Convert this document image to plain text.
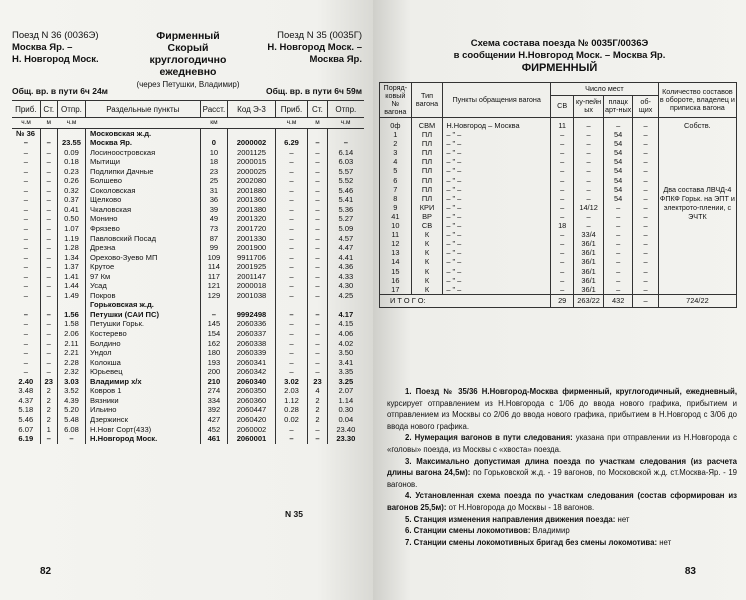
Поезд N 36 (0036Э)
Москва Яр. –
Н. Новгород Моск.
Фирменный
Скорый
круглогодично
ежедневно
(через Петушки, Владимир)
Поезд N 35 (0035Г)
Н. Новгород Моск. –
Москва Яр.
Общ. вр. в пути 6ч 24м	Общ. вр. в пути 6ч 59м
Приб.	Ст.	Отпр.	Раздельные пункты	Расст.	Код Э-3	Приб.	Ст.	Отпр.
ч.м	м	ч.м		км		ч.м	м	ч.м
№ 36			Московская ж.д.					
–	–	23.55	Москва Яр.	0	2000002	6.29	–	–
–	–	0.09	Лосиноостровская	10	2001125	–	–	6.14
–	–	0.18	Мытищи	18	2000015	–	–	6.03
–	–	0.23	Подлипки Дачные	23	2000025	–	–	5.57
–	–	0.26	Болшево	25	2002080	–	–	5.52
–	–	0.32	Соколовская	31	2001880	–	–	5.46
–	–	0.37	Щелково	36	2001360	–	–	5.41
–	–	0.41	Чкаловская	39	2001380	–	–	5.36
–	–	0.50	Монино	49	2001320	–	–	5.27
–	–	1.07	Фрязево	73	2001720	–	–	5.09
–	–	1.19	Павловский Посад	87	2001330	–	–	4.57
–	–	1.28	Дрезна	99	2001900	–	–	4.47
–	–	1.34	Орехово-Зуево МП	109	9911706	–	–	4.41
–	–	1.37	Крутое	114	2001925	–	–	4.36
–	–	1.41	97 Км	117	2001147	–	–	4.33
–	–	1.44	Усад	121	2000018	–	–	4.30
–	–	1.49	Покров	129	2001038	–	–	4.25
			Горьковская ж.д.					
–	–	1.56	Петушки (САИ ПС)	–	9992498	–	–	4.17
–	–	1.58	Петушки Горьк.	145	2060336	–	–	4.15
–	–	2.06	Костерево	154	2060337	–	–	4.06
–	–	2.11	Болдино	162	2060338	–	–	4.02
–	–	2.21	Ундол	180	2060339	–	–	3.50
–	–	2.28	Колокша	193	2060341	–	–	3.41
–	–	2.32	Юрьевец	200	2060342	–	–	3.35
2.40	23	3.03	Владимир х/х	210	2060340	3.02	23	3.25
3.48	2	3.52	Ковров 1	274	2060350	2.03	4	2.07
4.37	2	4.39	Вязники	334	2060360	1.12	2	1.14
5.18	2	5.20	Ильино	392	2060447	0.28	2	0.30
5.46	2	5.48	Дзержинск	427	2060420	0.02	2	0.04
6.07	1	6.08	Н.Новг Сорт(433)	452	2060002	–	–	23.40
6.19	–	–	Н.Новгород Моск.	461	2060001	–	–	23.30
N 35
82
Схема состава поезда № 0035Г/0036Э
в сообщении Н.Новгород Моск. – Москва Яр.
ФИРМЕННЫЙ
Поряд-ковый № вагона	Тип вагона	Пункты обращения вагона	Число мест				Количество составов в обороте, владелец и приписка вагона
			СВ	ку-пейн ых	плацк арт-ных	об-щих	
0ф	СВМ	Н.Новгород – Москва	11	–	–	–	Собств.
1	ПЛ	– " –	–	–	54	–	
2	ПЛ	– " –	–	–	54	–	
3	ПЛ	– " –	–	–	54	–	
4	ПЛ	– " –	–	–	54	–	
5	ПЛ	– " –	–	–	54	–	
6	ПЛ	– " –	–	–	54	–	
7	ПЛ	– " –	–	–	54	–	Два состава ЛВЧД-4 ФПКФ Горьк. на ЭПТ и электрото-плении, с ЭЧТК
8	ПЛ	– " –	–	–	54	–	
9	КРИ	– " –	–	14/12	–	–	
41	ВР	– " –	–	–	–	–	
10	СВ	– " –	18	–	–	–	
11	К	– " –	–	33/4	–	–	
12	К	– " –	–	36/1	–	–	
13	К	– " –	–	36/1	–	–	
14	К	– " –	–	36/1	–	–	
15	К	– " –	–	36/1	–	–	
16	К	– " –	–	36/1	–	–	
17	К	– " –	–	36/1	–	–	
И Т О Г О:			29	263/22	432	–	724/22

1. Поезд № 35/36 Н.Новгород-Москва фирменный, круглогодичный, ежедневный, курсирует отправлением из Н.Новгорода с 1/06 до ввода нового графика, прибытием и отправлением из Москвы со 2/06 до ввода нового графика, прибытием в Н.Новгород с 3/06 до ввода нового графика.

2. Нумерация вагонов в пути следования: указана при отправлении из Н.Новгорода с «головы» поезда, из Москвы с «хвоста» поезда.

3. Максимально допустимая длина поезда по участкам следования (из расчета длины вагона 24,5м): по Горьковской ж.д. - 19 вагонов, по Московской ж.д. ст.Москва-Яр. - 19 вагонов.

4. Установленная схема поезда по участкам следования (состав сформирован из вагонов 25,5м): от Н.Новгорода до Москвы - 18 вагонов.

5. Станция изменения направления движения поезда: нет

6. Станции смены локомотивов: Владимир

7. Станции смены локомотивных бригад без смены локомотива: нет

83
